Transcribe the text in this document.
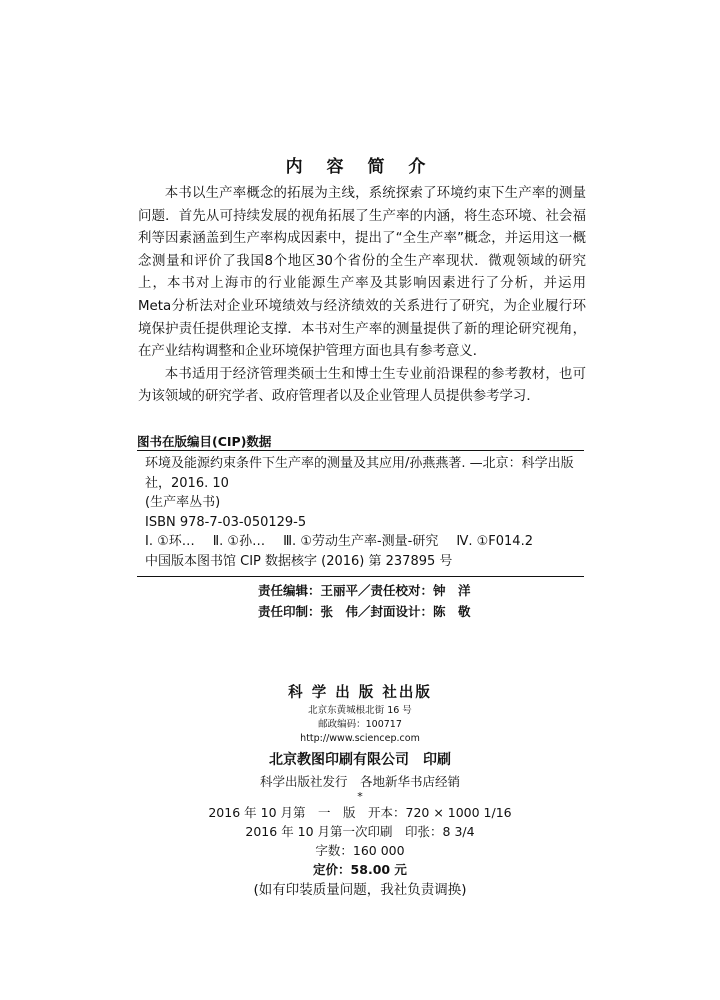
内 容 简 介

本书以生产率概念的拓展为主线，系统探索了环境约束下生产率的测量问题．首先从可持续发展的视角拓展了生产率的内涵，将生态环境、社会福利等因素涵盖到生产率构成因素中，提出了“全生产率”概念，并运用这一概念测量和评价了我国8个地区30个省份的全生产率现状．微观领域的研究上，本书对上海市的行业能源生产率及其影响因素进行了分析，并运用Meta分析法对企业环境绩效与经济绩效的关系进行了研究，为企业履行环境保护责任提供理论支撑．本书对生产率的测量提供了新的理论研究视角，在产业结构调整和企业环境保护管理方面也具有参考意义．

本书适用于经济管理类硕士生和博士生专业前沿课程的参考教材，也可为该领域的研究学者、政府管理者以及企业管理人员提供参考学习．

图书在版编目(CIP)数据
环境及能源约束条件下生产率的测量及其应用/孙燕燕著. —北京：科学出版社，2016. 10
(生产率丛书)
ISBN 978-7-03-050129-5
Ⅰ. ①环… Ⅱ. ①孙… Ⅲ. ①劳动生产率-测量-研究 Ⅳ. ①F014.2
中国版本图书馆 CIP 数据核字 (2016) 第 237895 号
责任编辑：王丽平／责任校对：钟　洋
责任印制：张　伟／封面设计：陈　敬
科 学 出 版 社出版
北京东黄城根北街 16 号
邮政编码：100717
http://www.sciencep.com
北京教图印刷有限公司　印刷
科学出版社发行　各地新华书店经销
*
2016 年 10 月第　一　版　开本：720 × 1000 1/16
2016 年 10 月第一次印刷　印张：8 3/4
字数：160 000
定价：58.00 元
(如有印装质量问题，我社负责调换)
